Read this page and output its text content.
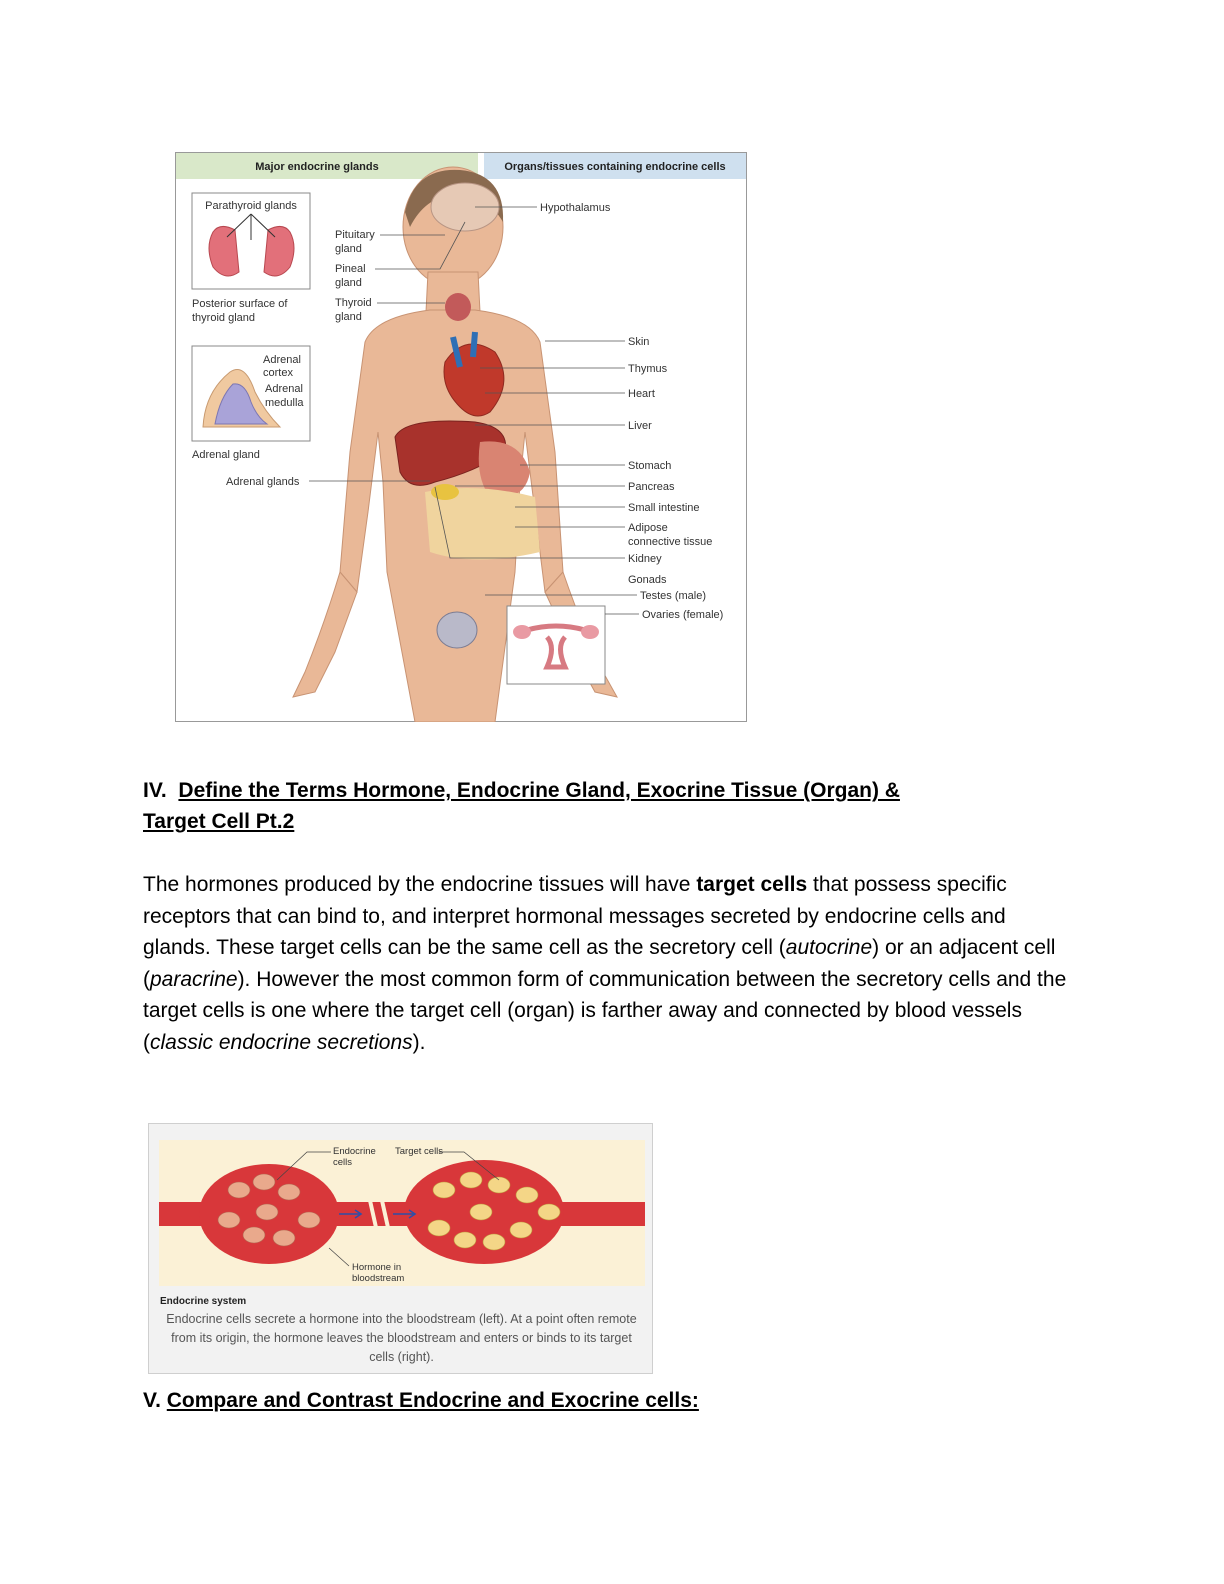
Major endocrine glands	Organs/tissues containing endocrine cells
Parathyroid glands
Posterior surface of
thyroid gland
Adrenal
cortex
Adrenal
medulla
Adrenal gland
Pituitary
gland
Pineal
gland
Thyroid
gland
Adrenal glands
Hypothalamus
Skin
Thymus
Heart
Liver
Stomach
Pancreas
Small intestine
Adipose
connective tissue
Kidney
Gonads
Testes (male)
Ovaries (female)
IV. Define the Terms Hormone, Endocrine Gland, Exocrine Tissue (Organ) &
Target Cell Pt.2
The hormones produced by the endocrine tissues will have target cells that possess specific receptors that can bind to, and interpret hormonal messages secreted by endocrine cells and glands. These target cells can be the same cell as the secretory cell (autocrine) or an adjacent cell (paracrine). However the most common form of communication between the secretory cells and the target cells is one where the target cell (organ) is farther away and connected by blood vessels (classic endocrine secretions).
Endocrine
cells
Target cells
Hormone in
bloodstream
Endocrine system
Endocrine cells secrete a hormone into the bloodstream (left). At a point often remote from its origin, the hormone leaves the bloodstream and enters or binds to its target cells (right).
V. Compare and Contrast Endocrine and Exocrine cells:
